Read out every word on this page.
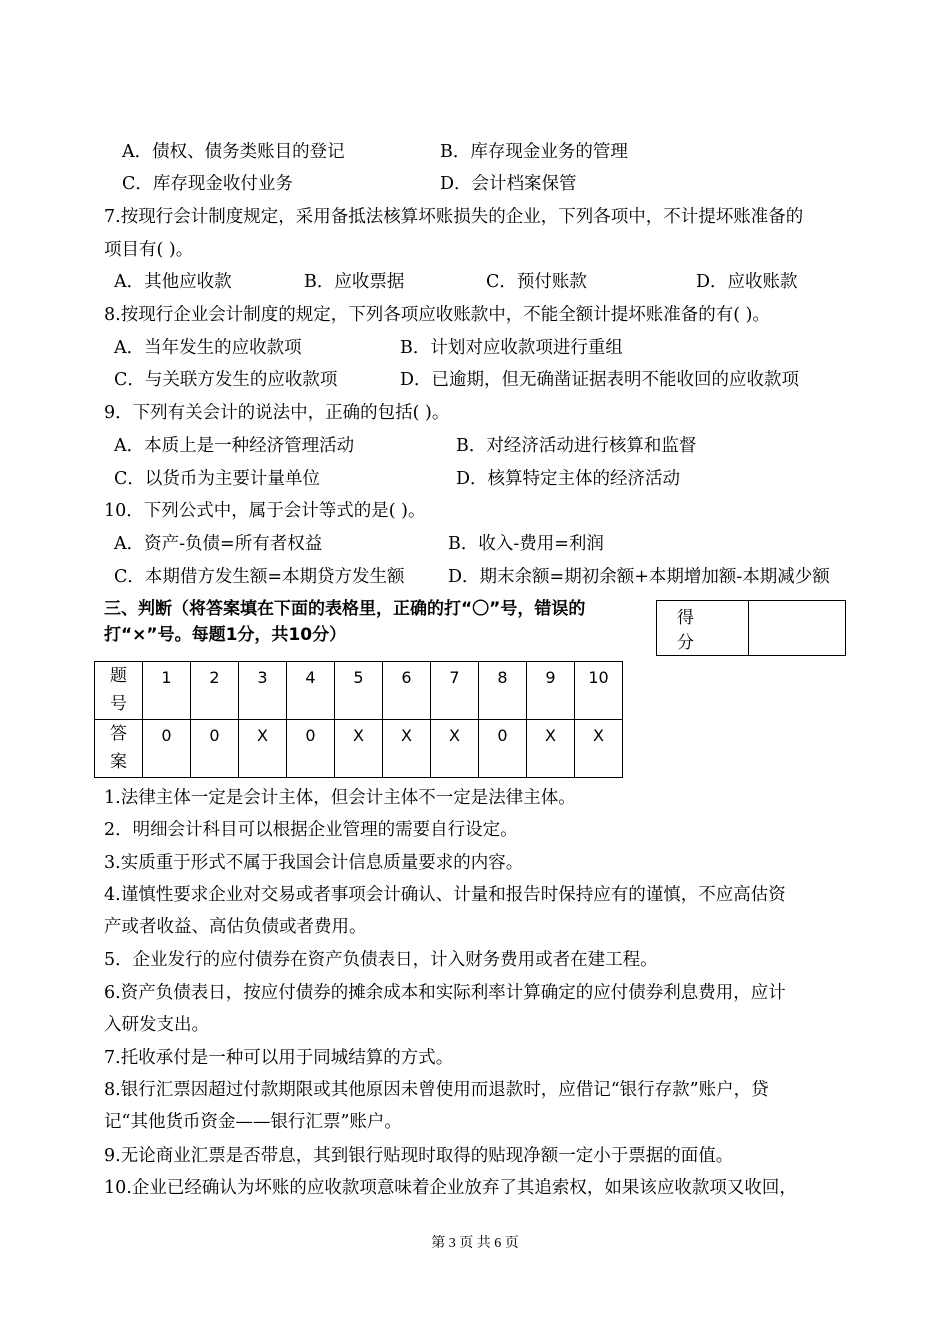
A．债权、债务类账目的登记	B．库存现金业务的管理
C．库存现金收付业务	D．会计档案保管
7.按现行会计制度规定，采用备抵法核算坏账损失的企业，下列各项中，不计提坏账准备的
项目有( )。
A．其他应收款	B．应收票据	C．预付账款	D．应收账款
8.按现行企业会计制度的规定，下列各项应收账款中，不能全额计提坏账准备的有( )。
A．当年发生的应收款项	B．计划对应收款项进行重组
C．与关联方发生的应收款项	D．已逾期，但无确凿证据表明不能收回的应收款项
9．下列有关会计的说法中，正确的包括( )。
A．本质上是一种经济管理活动	B．对经济活动进行核算和监督
C．以货币为主要计量单位	D．核算特定主体的经济活动
10．下列公式中，属于会计等式的是( )。
A．资产-负债=所有者权益	B．收入-费用=利润
C．本期借方发生额=本期贷方发生额 D．期末余额=期初余额+本期增加额-本期减少额
三、判断（将答案填在下面的表格里，正确的打“〇”号，错误的
打“×”号。每题1分，共10分）
得分
题
号	1	2	3	4	5	6	7	8	9	10
答
案	0	0	X	0	X	X	X	0	X	X
1.法律主体一定是会计主体，但会计主体不一定是法律主体。
2．明细会计科目可以根据企业管理的需要自行设定。
3.实质重于形式不属于我国会计信息质量要求的内容。
4.谨慎性要求企业对交易或者事项会计确认、计量和报告时保持应有的谨慎，不应高估资
产或者收益、高估负债或者费用。
5．企业发行的应付债券在资产负债表日，计入财务费用或者在建工程。
6.资产负债表日，按应付债券的摊余成本和实际利率计算确定的应付债券利息费用，应计
入研发支出。
7.托收承付是一种可以用于同城结算的方式。
8.银行汇票因超过付款期限或其他原因未曾使用而退款时，应借记“银行存款”账户，贷
记“其他货币资金——银行汇票”账户。
9.无论商业汇票是否带息，其到银行贴现时取得的贴现净额一定小于票据的面值。
10.企业已经确认为坏账的应收款项意味着企业放弃了其追索权，如果该应收款项又收回，
第 3 页 共 6 页
